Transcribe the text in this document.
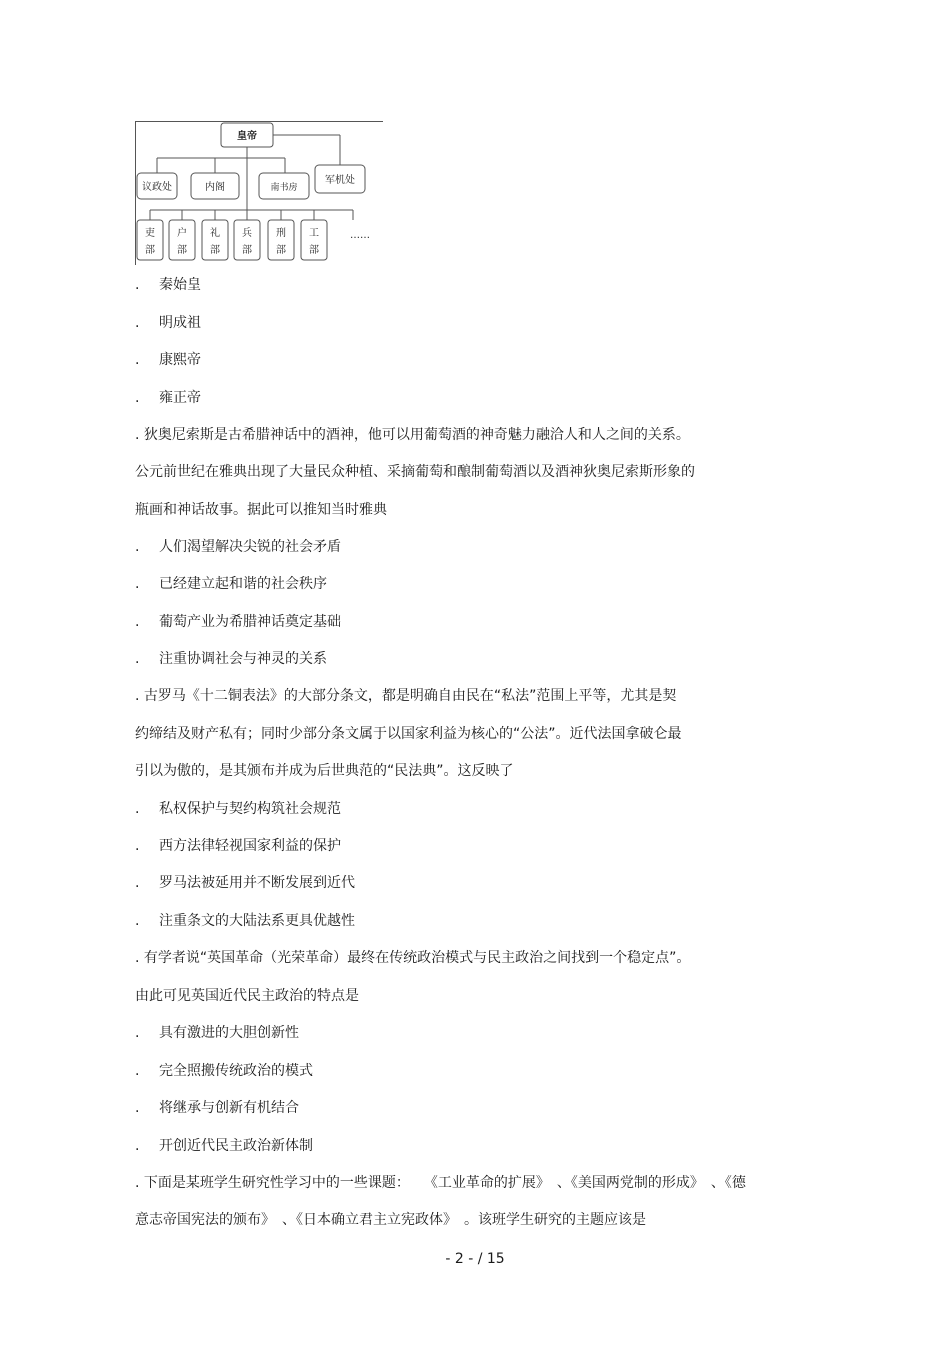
皇帝
议政处	内阁	南书房
军机处
吏
部
户
部
礼
部
兵
部
刑
部
工
部
……
. 秦始皇
. 明成祖
. 康熙帝
. 雍正帝
. 狄奥尼索斯是古希腊神话中的酒神，他可以用葡萄酒的神奇魅力融洽人和人之间的关系。
公元前世纪在雅典出现了大量民众种植、采摘葡萄和酿制葡萄酒以及酒神狄奥尼索斯形象的
瓶画和神话故事。据此可以推知当时雅典
. 人们渴望解决尖锐的社会矛盾
. 已经建立起和谐的社会秩序
. 葡萄产业为希腊神话奠定基础
. 注重协调社会与神灵的关系
. 古罗马《十二铜表法》的大部分条文，都是明确自由民在“私法”范围上平等，尤其是契
约缔结及财产私有；同时少部分条文属于以国家利益为核心的“公法”。近代法国拿破仑最
引以为傲的，是其颁布并成为后世典范的“民法典”。这反映了
. 私权保护与契约构筑社会规范
. 西方法律轻视国家利益的保护
. 罗马法被延用并不断发展到近代
. 注重条文的大陆法系更具优越性
. 有学者说“英国革命（光荣革命）最终在传统政治模式与民主政治之间找到一个稳定点”。
由此可见英国近代民主政治的特点是
. 具有激进的大胆创新性
. 完全照搬传统政治的模式
. 将继承与创新有机结合
. 开创近代民主政治新体制
. 下面是某班学生研究性学习中的一些课题：　　《工业革命的扩展》　、《美国两党制的形成》　、《德
意志帝国宪法的颁布》　、《日本确立君主立宪政体》　。该班学生研究的主题应该是
- 2 - / 15
